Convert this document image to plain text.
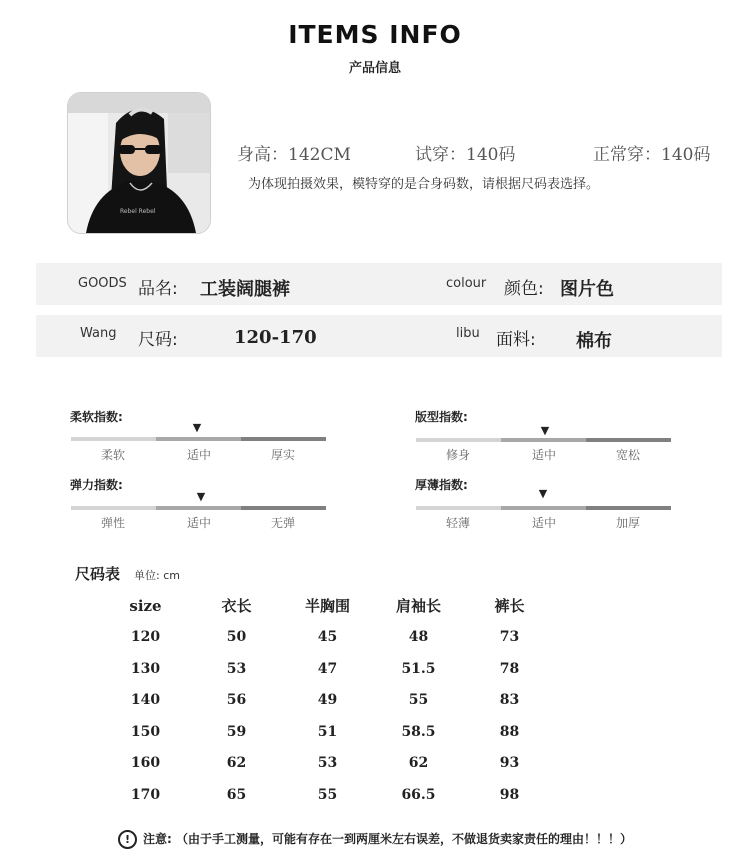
ITEMS INFO
产品信息
Rebel Rebel
身高：142CM	试穿：140码	正常穿：140码
为体现拍摄效果，模特穿的是合身码数，请根据尺码表选择。
GOODS 品名: 工装阔腿裤	colour 颜色: 图片色
Wang 尺码:	120-170	libu 面料: 棉布
柔软指数:
▼
柔软	适中	厚实
版型指数:
▼
修身	适中	宽松
弹力指数:
▼
弹性	适中	无弹
厚薄指数:
▼
轻薄	适中	加厚
尺码表 单位: cm
size	衣长	半胸围	肩袖长	裤长
120	50	45	48	73
130	53	47	51.5	78
140	56	49	55	83
150	59	51	58.5	88
160	62	53	62	93
170	65	55	66.5	98
! 注意: （由于手工测量，可能有存在一到两厘米左右误差，不做退货卖家责任的理由！！！）
